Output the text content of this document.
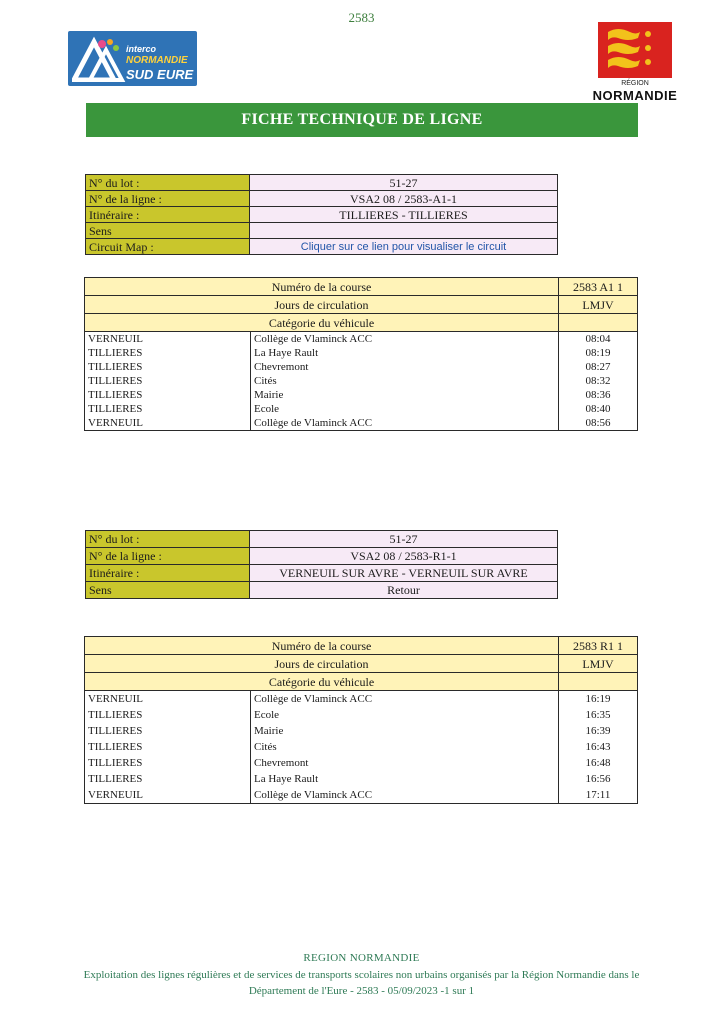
2583
interco
NORMANDIE
SUD EURE
RÉGION
NORMANDIE
FICHE TECHNIQUE DE LIGNE
N° du lot :	51-27
N° de la ligne :	VSA2 08 / 2583-A1-1
Itinéraire :	TILLIERES - TILLIERES
Sens	
Circuit Map :	Cliquer sur ce lien pour visualiser le circuit
Numéro de la course		2583 A1 1
Jours de circulation		LMJV
Catégorie du véhicule		
VERNEUIL	Collège de Vlaminck ACC	08:04
TILLIERES	La Haye Rault	08:19
TILLIERES	Chevremont	08:27
TILLIERES	Cités	08:32
TILLIERES	Mairie	08:36
TILLIERES	Ecole	08:40
VERNEUIL	Collège de Vlaminck ACC	08:56
N° du lot :	51-27
N° de la ligne :	VSA2 08 / 2583-R1-1
Itinéraire :	VERNEUIL SUR AVRE - VERNEUIL SUR AVRE
Sens	Retour
Numéro de la course		2583 R1 1
Jours de circulation		LMJV
Catégorie du véhicule		
VERNEUIL	Collège de Vlaminck ACC	16:19
TILLIERES	Ecole	16:35
TILLIERES	Mairie	16:39
TILLIERES	Cités	16:43
TILLIERES	Chevremont	16:48
TILLIERES	La Haye Rault	16:56
VERNEUIL	Collège de Vlaminck ACC	17:11
REGION NORMANDIE
Exploitation des lignes régulières et de services de transports scolaires non urbains organisés par la Région Normandie dans le
Département de l'Eure - 2583 - 05/09/2023 -1 sur 1
